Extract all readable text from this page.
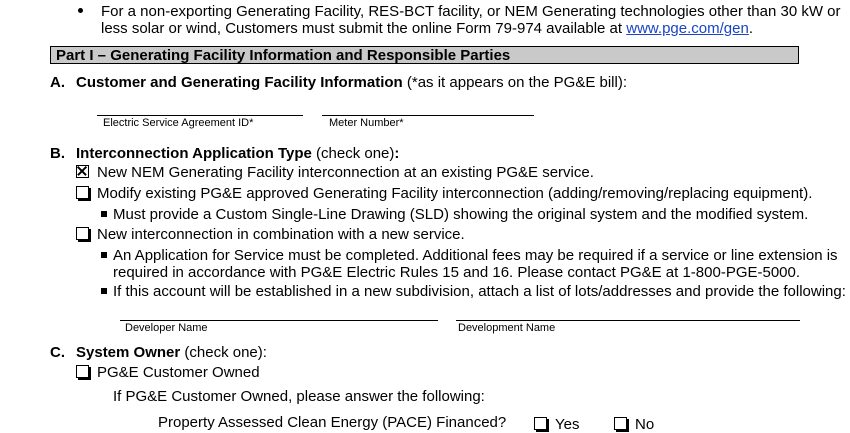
For a non-exporting Generating Facility, RES-BCT facility, or NEM Generating technologies other than 30 kW or
less solar or wind, Customers must submit the online Form 79-974 available at www.pge.com/gen.
Part I – Generating Facility Information and Responsible Parties
A. Customer and Generating Facility Information (*as it appears on the PG&E bill):
Electric Service Agreement ID*	Meter Number*
B. Interconnection Application Type (check one):
New NEM Generating Facility interconnection at an existing PG&E service.
Modify existing PG&E approved Generating Facility interconnection (adding/removing/replacing equipment).
Must provide a Custom Single-Line Drawing (SLD) showing the original system and the modified system.
New interconnection in combination with a new service.
An Application for Service must be completed. Additional fees may be required if a service or line extension is
required in accordance with PG&E Electric Rules 15 and 16. Please contact PG&E at 1-800-PGE-5000.
If this account will be established in a new subdivision, attach a list of lots/addresses and provide the following:
Developer Name	Development Name
C. System Owner (check one):
PG&E Customer Owned
If PG&E Customer Owned, please answer the following:
Property Assessed Clean Energy (PACE) Financed?	Yes	No
